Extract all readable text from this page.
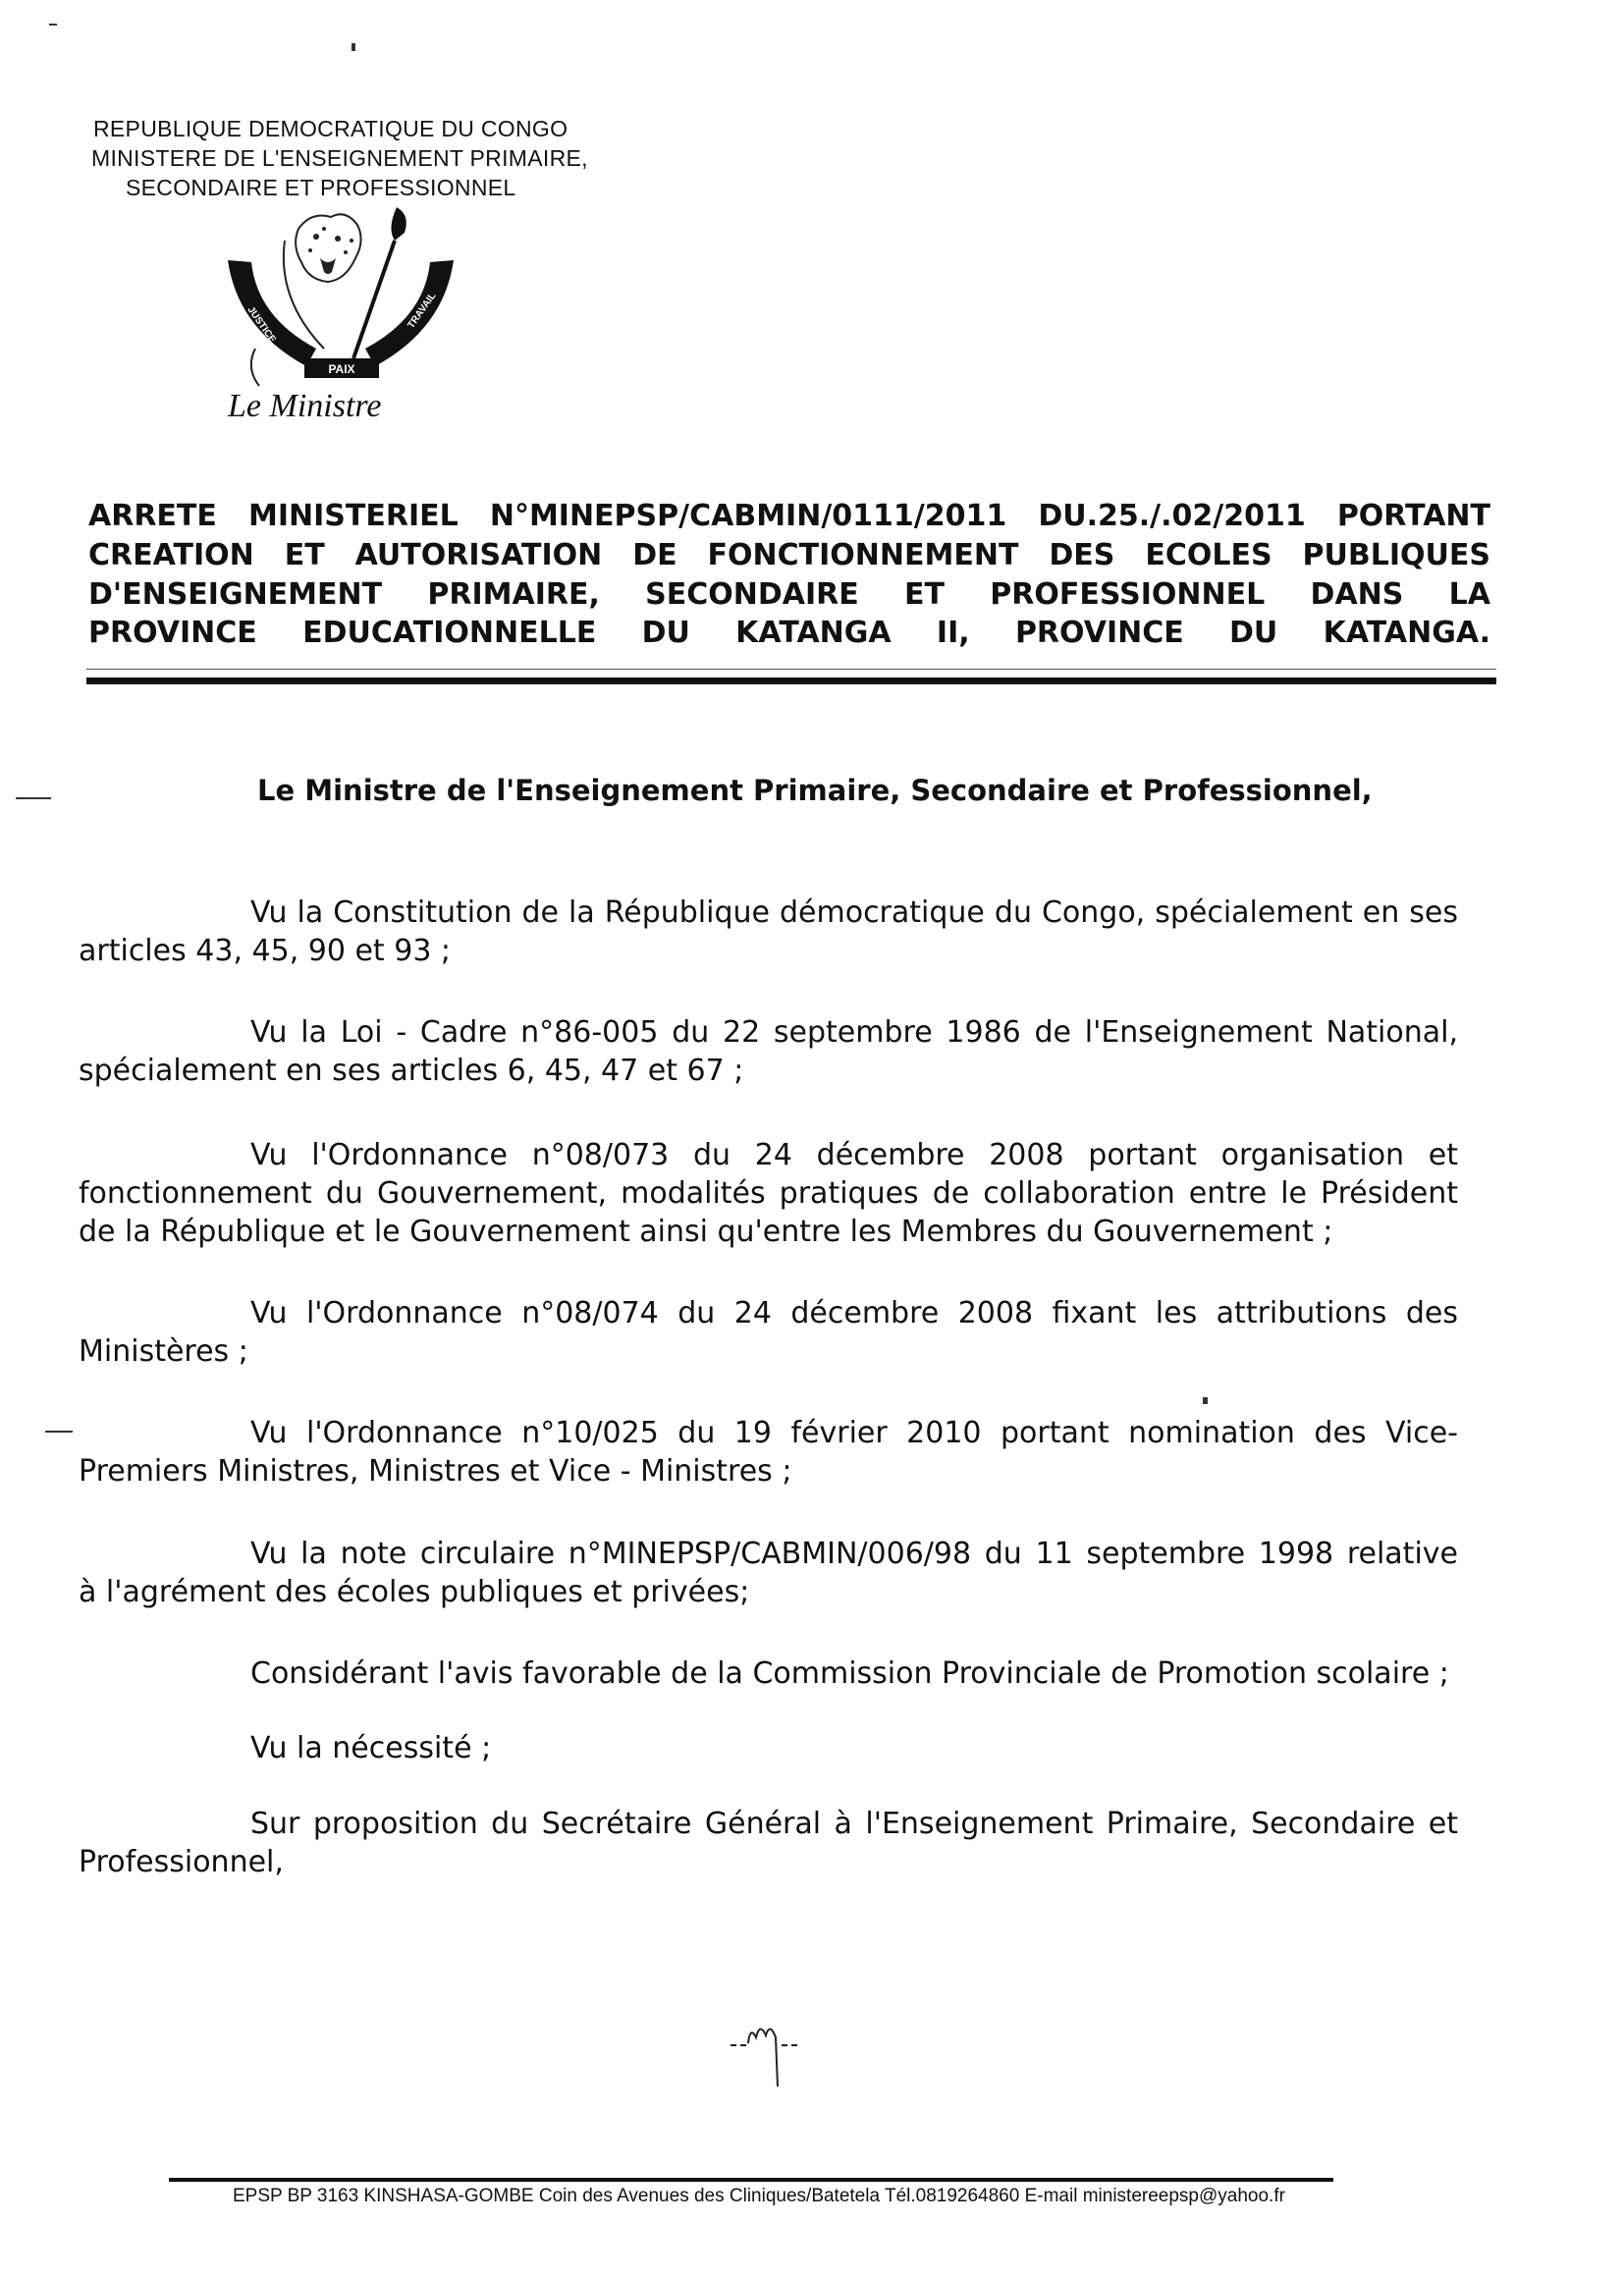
REPUBLIQUE DEMOCRATIQUE DU CONGO
MINISTERE DE L'ENSEIGNEMENT PRIMAIRE,
SECONDAIRE ET PROFESSIONNEL
PAIX
JUSTICE	TRAVAIL
Le Ministre
ARRETE MINISTERIEL N°MINEPSP/CABMIN/0111/2011 DU.25./.02/2011 PORTANT
CREATION ET AUTORISATION DE FONCTIONNEMENT DES ECOLES PUBLIQUES
D'ENSEIGNEMENT PRIMAIRE, SECONDAIRE ET PROFESSIONNEL DANS LA
PROVINCE EDUCATIONNELLE DU KATANGA II, PROVINCE DU KATANGA.
Le Ministre de l'Enseignement Primaire, Secondaire et Professionnel,
Vu la Constitution de la République démocratique du Congo, spécialement en ses
articles 43, 45, 90 et 93 ;
Vu la Loi - Cadre n°86-005 du 22 septembre 1986 de l'Enseignement National,
spécialement en ses articles 6, 45, 47 et 67 ;
Vu l'Ordonnance n°08/073 du 24 décembre 2008 portant organisation et
fonctionnement du Gouvernement, modalités pratiques de collaboration entre le Président
de la République et le Gouvernement ainsi qu'entre les Membres du Gouvernement ;
Vu l'Ordonnance n°08/074 du 24 décembre 2008 fixant les attributions des
Ministères ;
Vu l'Ordonnance n°10/025 du 19 février 2010 portant nomination des Vice-
Premiers Ministres, Ministres et Vice - Ministres ;
Vu la note circulaire n°MINEPSP/CABMIN/006/98 du 11 septembre 1998 relative
à l'agrément des écoles publiques et privées;
Considérant l'avis favorable de la Commission Provinciale de Promotion scolaire ;
Vu la nécessité ;
Sur proposition du Secrétaire Général à l'Enseignement Primaire, Secondaire et
Professionnel,
EPSP BP 3163 KINSHASA-GOMBE Coin des Avenues des Cliniques/Batetela Tél.0819264860 E-mail ministereepsp@yahoo.fr
